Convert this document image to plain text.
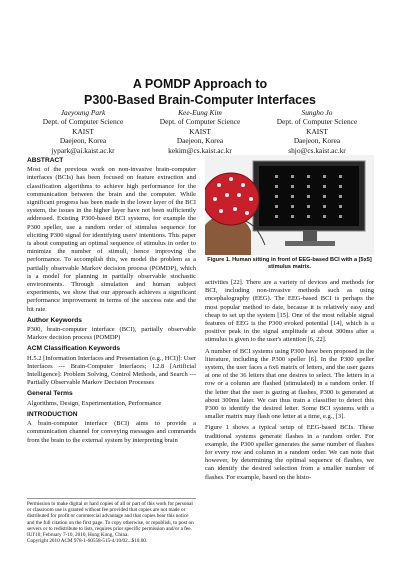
A POMDP Approach to
P300-Based Brain-Computer Interfaces
Jaeyoung Park
Dept. of Computer Science
KAIST
Daejeon, Korea
jypark@ai.kaist.ac.kr
Kee-Eung Kim
Dept. of Computer Science
KAIST
Daejeon, Korea
kekim@cs.kaist.ac.kr
Sungho Jo
Dept. of Computer Science
KAIST
Daejeon, Korea
shjo@cs.kaist.ac.kr
ABSTRACT
Most of the previous work on non-invasive brain-computer interfaces (BCIs) has been focused on feature extraction and classification algorithms to achieve high performance for the communication between the brain and the computer. While significant progress has been made in the lower layer of the BCI system, the issues in the higher layer have not been sufficiently addressed. Existing P300-based BCI systems, for example the P300 speller, use a random order of stimulus sequence for eliciting P300 signal for identifying users' intentions. This paper is about computing an optimal sequence of stimulus in order to minimize the number of stimuli, hence improving the performance. To accomplish this, we model the problem as a partially observable Markov decision process (POMDP), which is a model for planning in partially observable stochastic environments. Through simulation and human subject experiments, we show that our approach achieves a significant performance improvement in terms of the success rate and the bit rate.
Author Keywords
P300, brain-computer interface (BCI), partially observable Markov decision process (POMDP)
ACM Classification Keywords
H.5.2 [Information Interfaces and Presentation (e.g., HCI)]: User Interfaces --- Brain-Computer Interfaces; I.2.8 [Artificial Intelligence]: Problem Solving, Control Methods, and Search --- Partially Observable Markov Decision Processes
General Terms
Algorithms, Design, Experimentation, Performance
INTRODUCTION
A brain-computer interface (BCI) aims to provide a communication channel for conveying messages and commands from the brain to the external system by interpreting brain
Permission to make digital or hard copies of all or part of this work for personal or classroom use is granted without fee provided that copies are not made or distributed for profit or commercial advantage and that copies bear this notice and the full citation on the first page. To copy otherwise, or republish, to post on servers or to redistribute to lists, requires prior specific permission and/or a fee.
IUI'10, February 7-10, 2010, Hong Kong, China.
Copyright 2010 ACM 978-1-60558-515-4/10/02...$10.00.
Figure 1. Human sitting in front of EEG-based BCI with a [5x5] stimulus matrix.
activities [22]. There are a variety of devices and methods for BCI, including non-invasive methods such as using encephalography (EEG). The EEG-based BCI is perhaps the most popular method to date, because it is relatively easy and cheap to set up the system [15]. One of the most reliable signal features of EEG is the P300 evoked potential [14], which is a positive peak in the signal amplitude at about 300ms after a stimulus is given to the user's attention [6, 22].
A number of BCI systems using P300 have been proposed in the literature, including the P300 speller [6]. In the P300 speller system, the user faces a 6x6 matrix of letters, and the user gazes at one of the 36 letters that one desires to select. The letters in a row or a column are flashed (stimulated) in a random order. If the letter that the user is gazing at flashes, P300 is generated at about 300ms later. We can thus train a classifier to detect this P300 to identify the desired letter. Some BCI systems with a smaller matrix may flash one letter at a time, e.g., [3].
Figure 1 shows a typical setup of EEG-based BCIs. These traditional systems generate flashes in a random order. For example, the P300 speller generates the same number of flashes for every row and column in a random order. We can note that however, by determining the optimal sequence of flashes, we can identify the desired selection from a smaller number of flashes. For example, based on the histo-
